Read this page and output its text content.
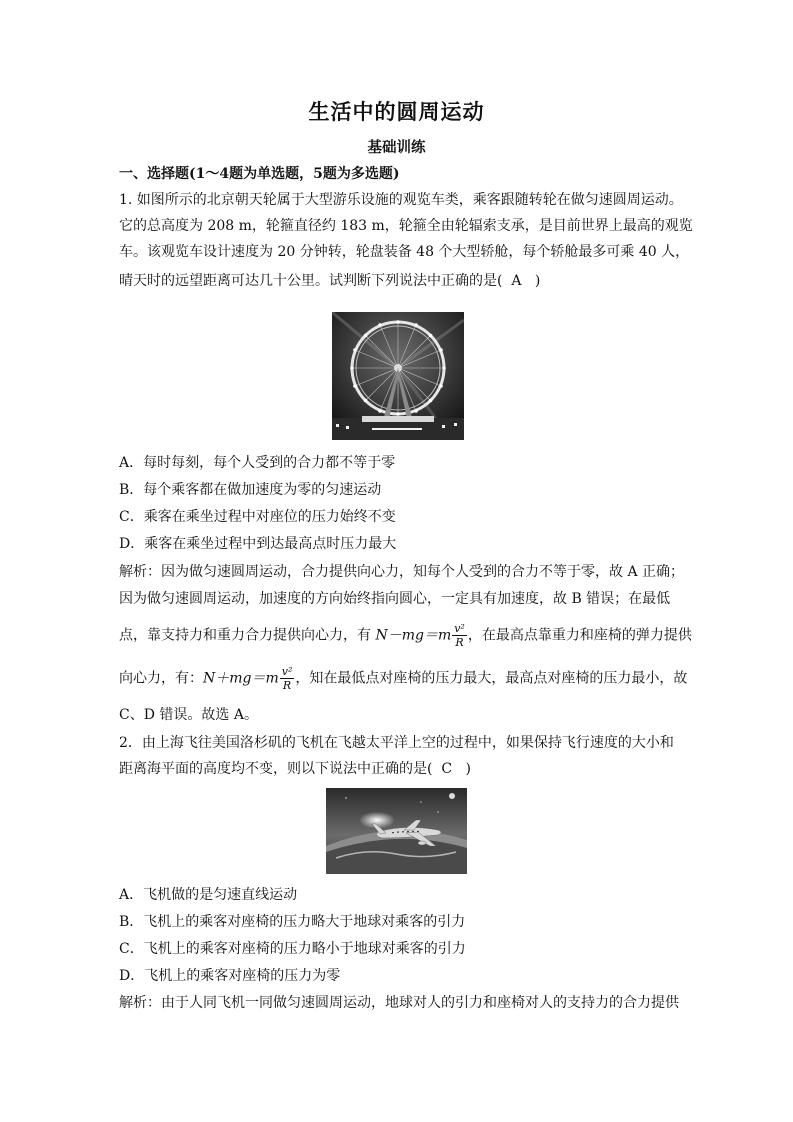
生活中的圆周运动
基础训练
一、选择题(1～4题为单选题，5题为多选题)
1. 如图所示的北京朝天轮属于大型游乐设施的观览车类，乘客跟随转轮在做匀速圆周运动。
它的总高度为 208 m，轮箍直径约 183 m，轮箍全由轮辐索支承，是目前世界上最高的观览
车。该观览车设计速度为 20 分钟转，轮盘装备 48 个大型轿舱，每个轿舱最多可乘 40 人，
晴天时的远望距离可达几十公里。试判断下列说法中正确的是( A )
A．每时每刻，每个人受到的合力都不等于零
B．每个乘客都在做加速度为零的匀速运动
C．乘客在乘坐过程中对座位的压力始终不变
D．乘客在乘坐过程中到达最高点时压力最大
解析：因为做匀速圆周运动，合力提供向心力，知每个人受到的合力不等于零，故 A 正确；
因为做匀速圆周运动，加速度的方向始终指向圆心，一定具有加速度，故 B 错误；在最低
点，靠支持力和重力合力提供向心力，有 $N-mg=m \frac{\text{v²}}{R}$ ，在最高点靠重力和座椅的弹力提供
向心力，有：$N+mg=m \frac{\text{v²}}{R}$ ，知在最低点对座椅的压力最大，最高点对座椅的压力最小，故
C、D 错误。故选 A。
2．由上海飞往美国洛杉矶的飞机在飞越太平洋上空的过程中，如果保持飞行速度的大小和
距离海平面的高度均不变，则以下说法中正确的是( C )
A．飞机做的是匀速直线运动
B．飞机上的乘客对座椅的压力略大于地球对乘客的引力
C．飞机上的乘客对座椅的压力略小于地球对乘客的引力
D．飞机上的乘客对座椅的压力为零
解析：由于人同飞机一同做匀速圆周运动，地球对人的引力和座椅对人的支持力的合力提供
